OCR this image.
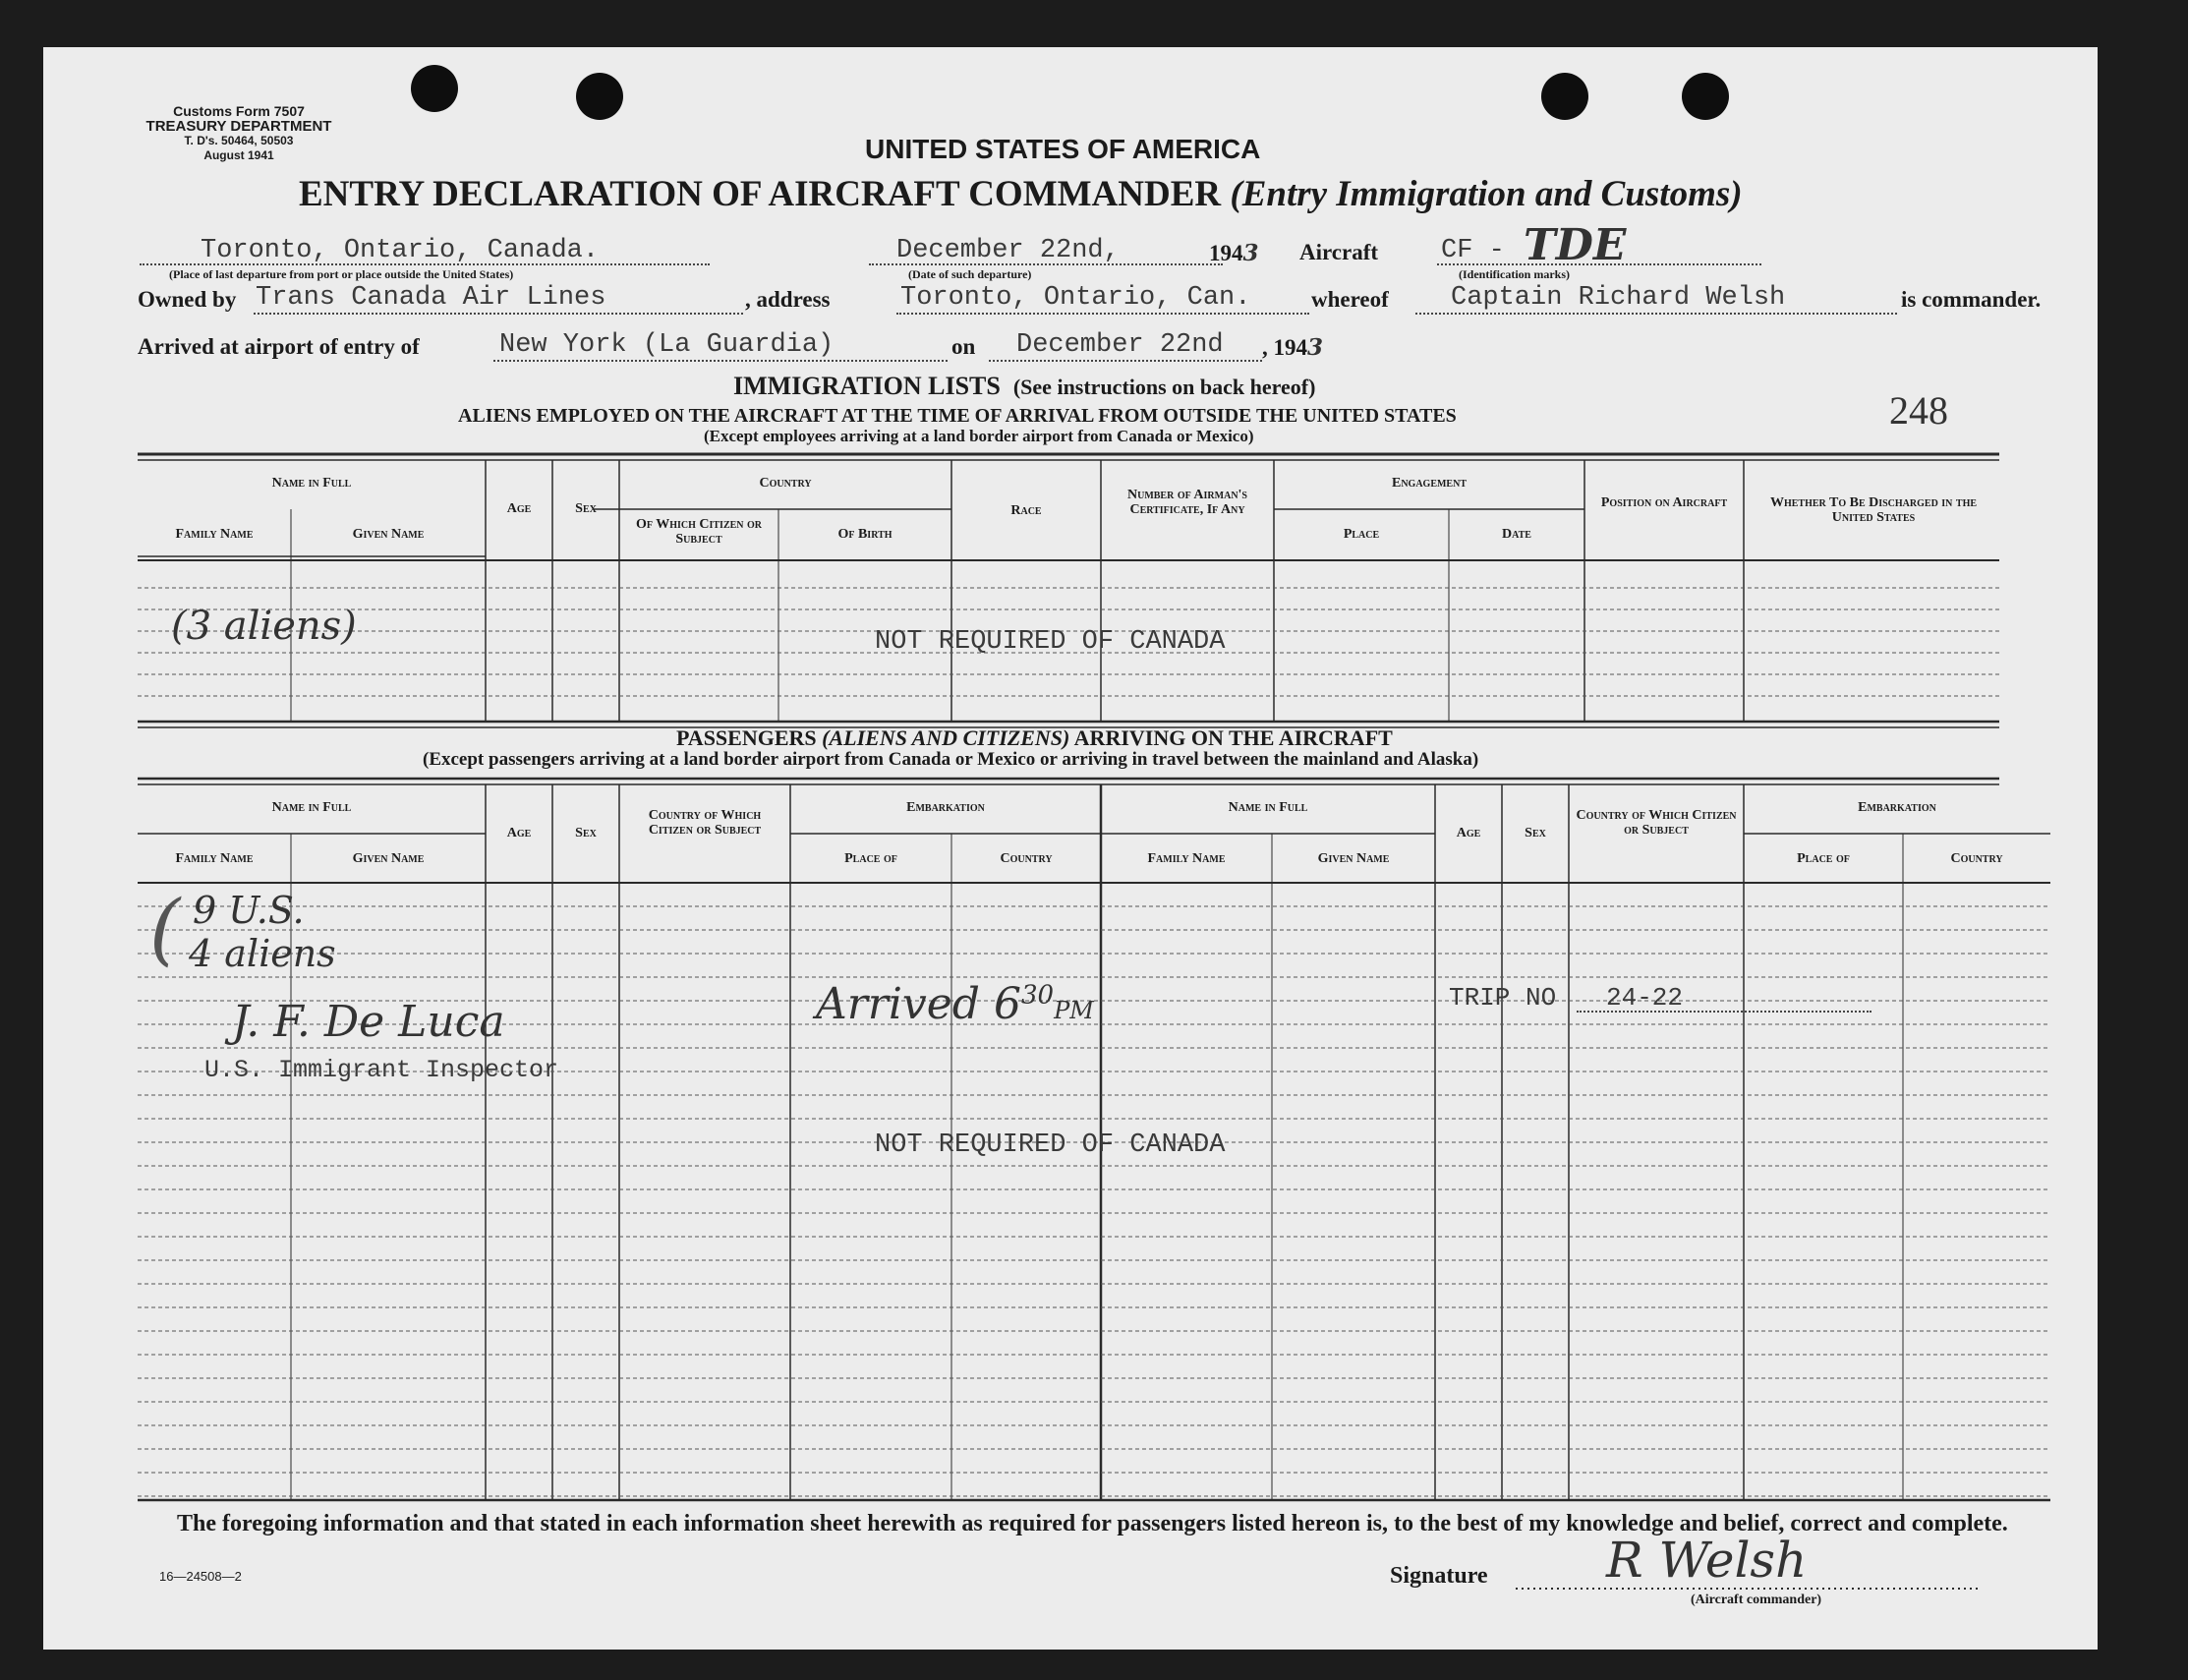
Customs Form 7507
TREASURY DEPARTMENT
T. D's. 50464, 50503
August 1941	UNITED STATES OF AMERICA
ENTRY DECLARATION OF AIRCRAFT COMMANDER (Entry Immigration and Customs)
Toronto, Ontario, Canada.
(Place of last departure from port or place outside the United States)
December 22nd,	1943
(Date of such departure)
Aircraft CF - TDE
(Identification marks)
Owned by Trans Canada Air Lines	, address	Toronto, Ontario, Can.	whereof Captain Richard Welsh	is commander.
Arrived at airport of entry of	New York (La Guardia)	on December 22nd , 1943
IMMIGRATION LISTS (See instructions on back hereof)
ALIENS EMPLOYED ON THE AIRCRAFT AT THE TIME OF ARRIVAL FROM OUTSIDE THE UNITED STATES
(Except employees arriving at a land border airport from Canada or Mexico)
248
Name in Full
Family Name	Given Name
Age	Sex
Country
Of Which Citizen or Subject	Of Birth
Race
Number of Airman's Certificate, If Any
Engagement
Place	Date
Position on Aircraft	Whether To Be Discharged in the United States
(3 aliens)	NOT REQUIRED OF CANADA
PASSENGERS (ALIENS AND CITIZENS) ARRIVING ON THE AIRCRAFT
(Except passengers arriving at a land border airport from Canada or Mexico or arriving in travel between the mainland and Alaska)
Name in Full
Family Name	Given Name
Age	Sex
Country of Which Citizen or Subject
Embarkation
Place of	Country
Name in Full
Family Name	Given Name
Age	Sex
Country of Which Citizen or Subject
Embarkation
Place of	Country
( 9 U.S.
4 aliens
J. F. De Luca
U.S. Immigrant Inspector
Arrived $6^{30}PM$	TRIP NO 24-22
NOT REQUIRED OF CANADA
The foregoing information and that stated in each information sheet herewith as required for passengers listed hereon is, to the best of my knowledge and belief, correct and complete.
16—24508—2	Signature R Welsh
(Aircraft commander)
